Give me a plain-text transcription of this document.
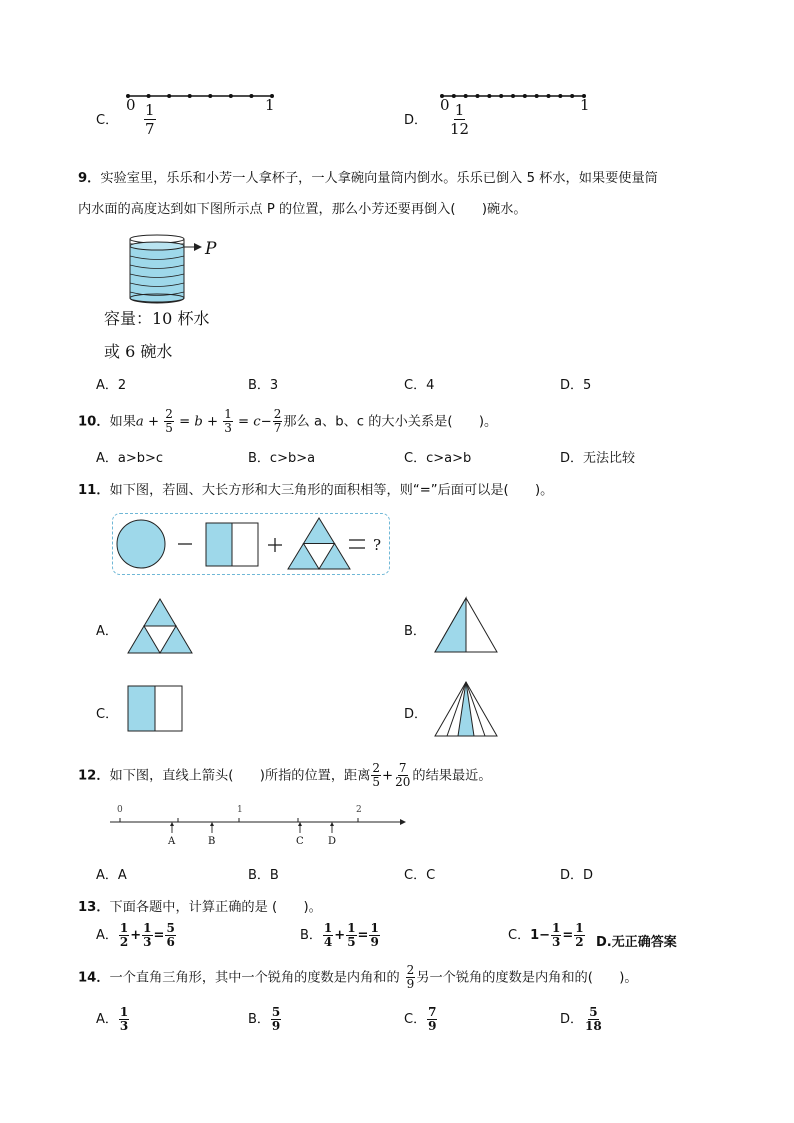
C．
0	1
$\frac{1}{7}$	D．
0	1
$\frac{1}{12}$
9．实验室里，乐乐和小芳一人拿杯子，一人拿碗向量筒内倒水。乐乐已倒入 5 杯水，如果要使量筒
内水面的高度达到如下图所示点 P 的位置，那么小芳还要再倒入(　　)碗水。
P
容量：10 杯水
或 6 碗水
A．2	B．3	C．4	D．5
10．如果$a + \frac{2}{5} = b + \frac{1}{3} = c- \frac{2}{7}$ 那么 a、b、c 的大小关系是(　　)。
A．a>b>c	B．c>b>a	C．c>a>b	D．无法比较
11．如下图，若圆、大长方形和大三角形的面积相等，则“=”后面可以是(　　)。
?
A．	B．
C．	D．
12．如下图，直线上箭头(　　)所指的位置，距离 $\frac{2}{5} + \frac{7}{20}$ 的结果最近。
0	1	2
A	B	C D
A．A	B．B	C．C	D．D
13．下面各题中，计算正确的是 (　　)。
A． $\frac{1}{2} + \frac{1}{3} = \frac{5}{6}$	B． $\frac{1}{4} + \frac{1}{5} = \frac{1}{9}$	C．$1- \frac{1}{3} = \frac{1}{2} D$.无正确答案
14．一个直角三角形，其中一个锐角的度数是内角和的 $\frac{2}{9}$ 另一个锐角的度数是内角和的(　　)。
A． $\frac{1}{3}$	B． $\frac{5}{9}$	C． $\frac{7}{9}$	D． $\frac{5}{18}$
